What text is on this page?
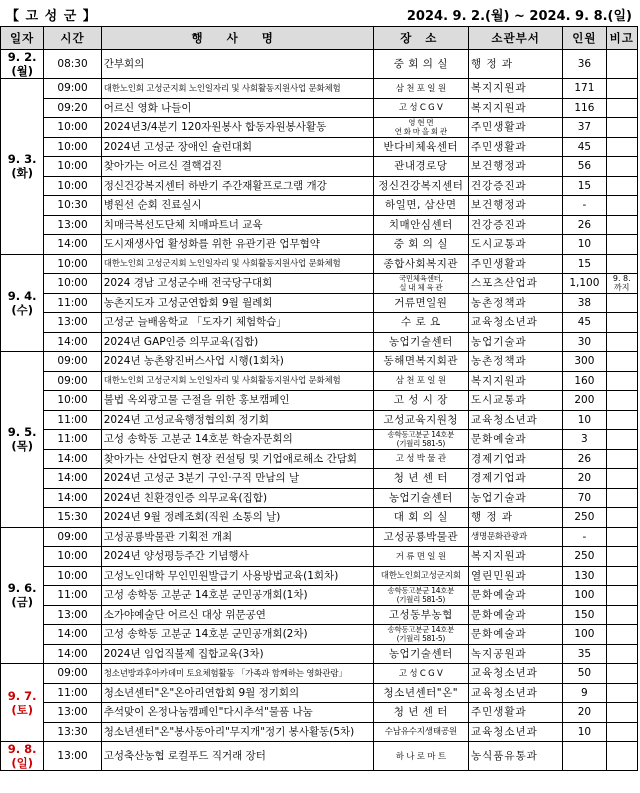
【 고 성 군 】	2024. 9. 2.(월) ~ 2024. 9. 8.(일)
일자	시간	행 사 명	장 소	소관부서	인원	비고
9. 2.
(월)	08:30	간부회의	중 회 의 실	행 정 과	36	
9. 3.
(화)	09:00	대한노인회 고성군지회 노인일자리 및 사회활동지원사업 문화체험	삼 천 포 일 원	복지지원과	171	
	09:20	어르신 영화 나들이	고 성 C G V	복지지원과	116	
	10:00	2024년3/4분기 120자원봉사 합동자원봉사활동	영 현 면
연 화 마 을 회 관	주민생활과	37	
	10:00	2024년 고성군 장애인 슐런대회	반다비체육센터	주민생활과	45	
	10:00	찾아가는 어르신 결핵검진	관내경로당	보건행정과	56	
	10:00	정신건강복지센터 하반기 주간재활프로그램 개강	정신건강복지센터	건강증진과	15	
	10:30	병원선 순회 진료실시	하일면, 삼산면	보건행정과	-	
	13:00	치매극복선도단체 치매파트너 교육	치매안심센터	건강증진과	26	
	14:00	도시재생사업 활성화를 위한 유관기관 업무협약	중 회 의 실	도시교통과	10	
9. 4.
(수)	10:00	대한노인회 고성군지회 노인일자리 및 사회활동지원사업 문화체험	종합사회복지관	주민생활과	15	
	10:00	2024 경남 고성군수배 전국당구대회	국민체육센터,
실 내 체 육 관	스포츠산업과	1,100	9. 8.
까지
	11:00	농촌지도자 고성군연합회 9월 월례회	거류면일원	농촌정책과	38	
	13:00	고성군 늘배움학교 「도자기 체험학습」	수 로 요	교육청소년과	45	
	14:00	2024년 GAP인증 의무교육(집합)	농업기술센터	농업기술과	30	
9. 5.
(목)	09:00	2024년 농촌왕진버스사업 시행(1회차)	동해면복지회관	농촌정책과	300	
	09:00	대한노인회 고성군지회 노인일자리 및 사회활동지원사업 문화체험	삼 천 포 일 원	복지지원과	160	
	10:00	불법 옥외광고물 근절을 위한 홍보캠페인	고 성 시 장	도시교통과	200	
	11:00	2024년 고성교육행정협의회 정기회	고성교육지원청	교육청소년과	10	
	11:00	고성 송학동 고분군 14호분 학술자문회의	송학동고분군 14호분
(기월리 581-5)	문화예술과	3	
	14:00	찾아가는 산업단지 현장 컨설팅 및 기업애로해소 간담회	고 성 박 물 관	경제기업과	26	
	14:00	2024년 고성군 3분기 구인·구직 만남의 날	청 년 센 터	경제기업과	20	
	14:00	2024년 친환경인증 의무교육(집합)	농업기술센터	농업기술과	70	
	15:30	2024년 9월 정례조회(직원 소통의 날)	대 회 의 실	행 정 과	250	
9. 6.
(금)	09:00	고성공룡박물관 기획전 개최	고성공룡박물관	생명문화관광과	-	
	10:00	2024년 양성평등주간 기념행사	거 류 면 일 원	복지지원과	250	
	10:00	고성노인대학 무인민원발급기 사용방법교육(1회차)	대한노인회고성군지회	열린민원과	130	
	11:00	고성 송학동 고분군 14호분 군민공개회(1차)	송학동고분군 14호분
(기월리 581-5)	문화예술과	100	
	13:00	소가야예술단 어르신 대상 위문공연	고성동부농협	문화예술과	150	
	14:00	고성 송학동 고분군 14호분 군민공개회(2차)	송학동고분군 14호분
(기월리 581-5)	문화예술과	100	
	14:00	2024년 임업직불제 집합교육(3차)	농업기술센터	녹지공원과	35	
9. 7.
(토)	09:00	청소년방과후아카데미 토요체험활동 「가족과 함께하는 영화관람」	고 성 C G V	교육청소년과	50	
	11:00	청소년센터"온"온아리연합회 9월 정기회의	청소년센터"온"	교육청소년과	9	
	13:00	추석맞이 온정나눔캠페인"다시추석"물품 나눔	청 년 센 터	주민생활과	20	
	13:30	청소년센터"온"봉사동아리"무지개"정기 봉사활동(5차)	수남유수지생태공원	교육청소년과	10	
9. 8.
(일)	13:00	고성축산농협 로컬푸드 직거래 장터	하 나 로 마 트	농식품유통과		
